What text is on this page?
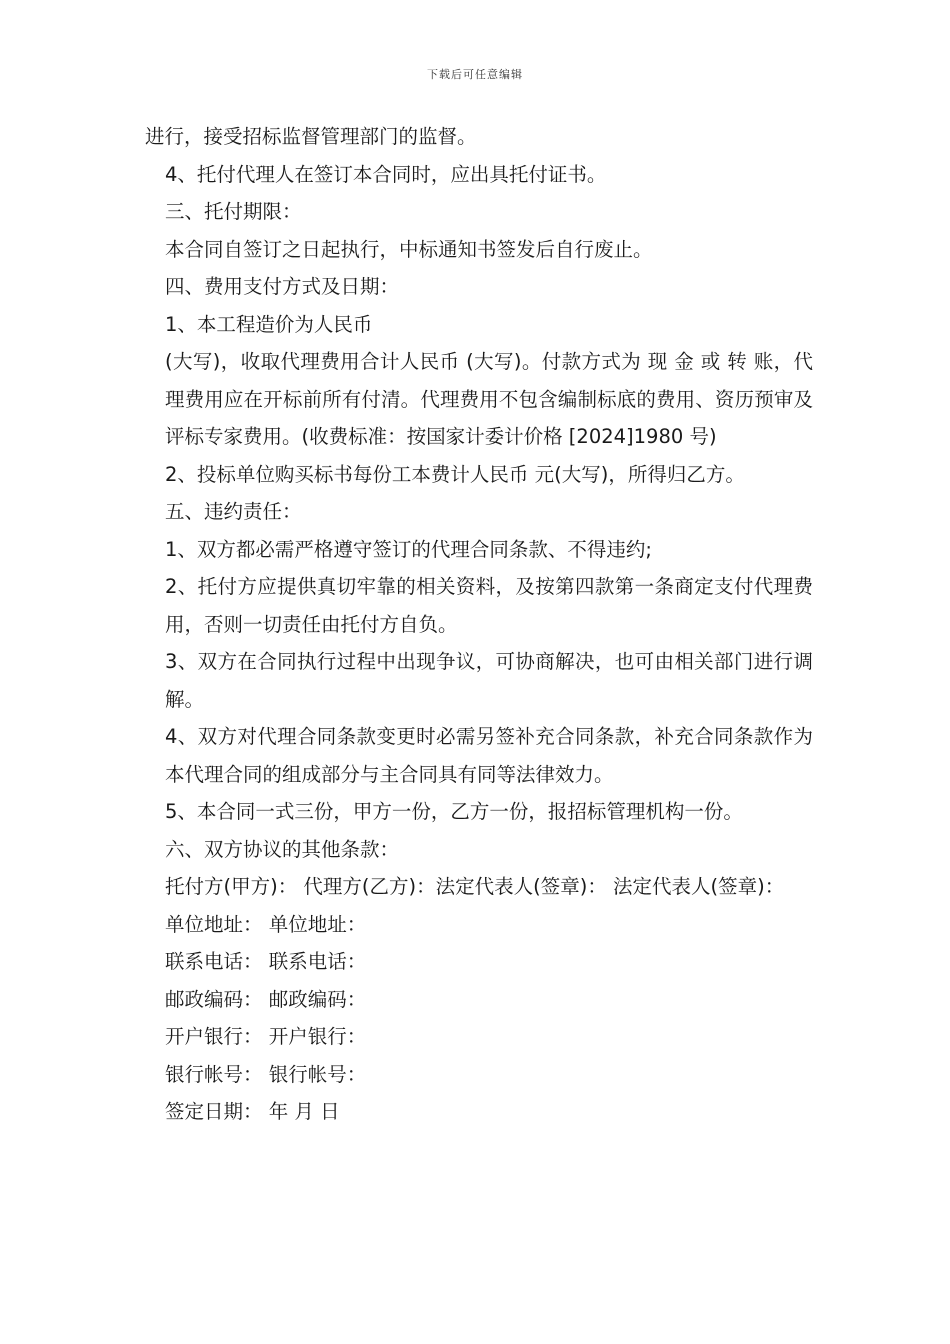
下载后可任意编辑

进行，接受招标监督管理部门的监督。

4、托付代理人在签订本合同时，应出具托付证书。

三、托付期限：

本合同自签订之日起执行，中标通知书签发后自行废止。

四、费用支付方式及日期：

1、本工程造价为人民币

(大写)，收取代理费用合计人民币 (大写)。付款方式为 现 金 或 转 账，代理费用应在开标前所有付清。代理费用不包含编制标底的费用、资历预审及评标专家费用。(收费标准：按国家计委计价格 [2024]1980 号)

2、投标单位购买标书每份工本费计人民币 元(大写)，所得归乙方。

五、违约责任：

1、双方都必需严格遵守签订的代理合同条款、不得违约;

2、托付方应提供真切牢靠的相关资料，及按第四款第一条商定支付代理费用，否则一切责任由托付方自负。

3、双方在合同执行过程中出现争议，可协商解决，也可由相关部门进行调解。

4、双方对代理合同条款变更时必需另签补充合同条款，补充合同条款作为本代理合同的组成部分与主合同具有同等法律效力。

5、本合同一式三份，甲方一份，乙方一份，报招标管理机构一份。

六、双方协议的其他条款：

托付方(甲方)： 代理方(乙方)：法定代表人(签章)： 法定代表人(签章)：

单位地址： 单位地址：

联系电话： 联系电话：

邮政编码： 邮政编码：

开户银行： 开户银行：

银行帐号： 银行帐号：

签定日期： 年 月 日
